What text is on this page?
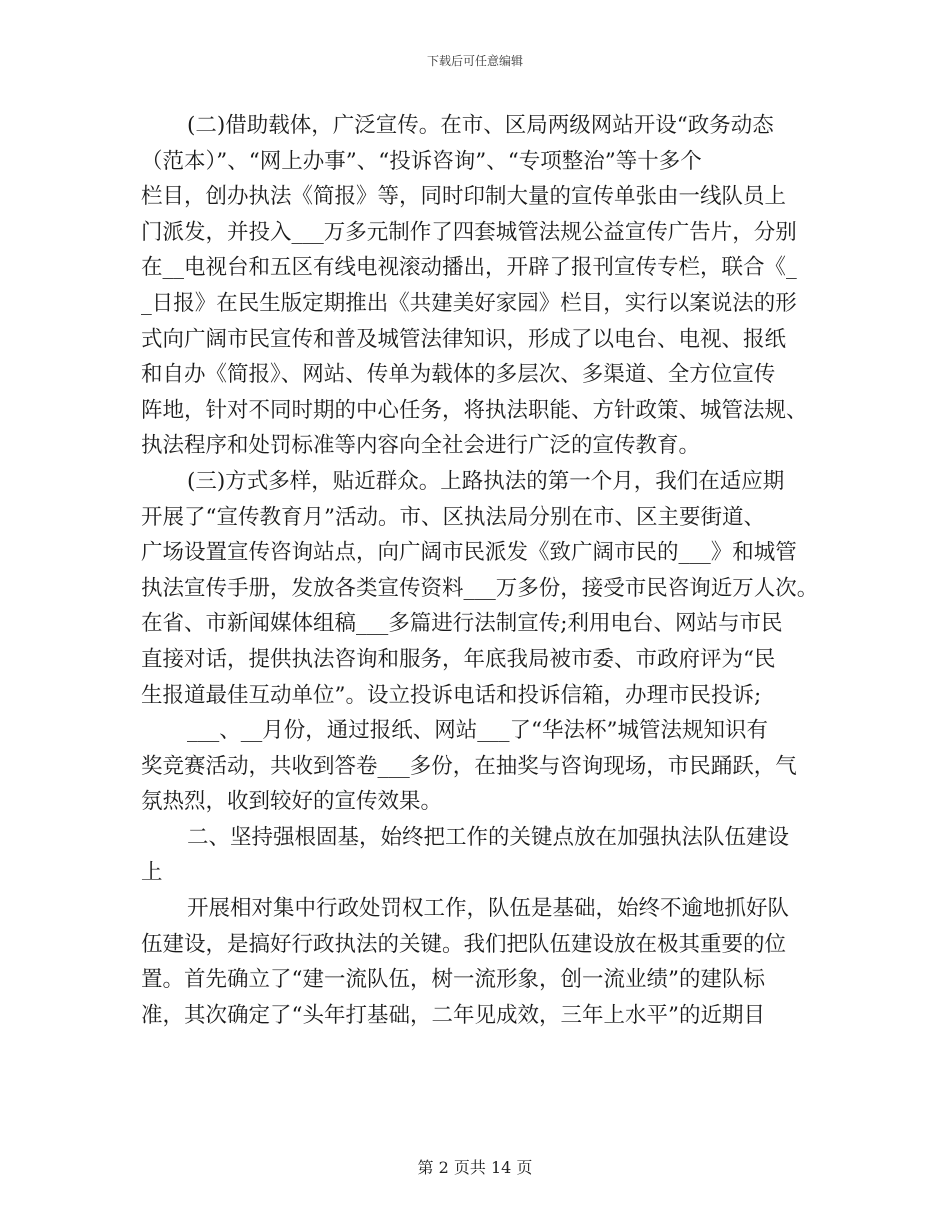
下载后可任意编辑
(二)借助载体，广泛宣传。在市、区局两级网站开设“政务动态
（范本）”、“网上办事”、“投诉咨询”、“专项整治”等十多个
栏目，创办执法《简报》等，同时印制大量的宣传单张由一线队员上
门派发，并投入___万多元制作了四套城管法规公益宣传广告片，分别
在__电视台和五区有线电视滚动播出，开辟了报刊宣传专栏，联合《_
_日报》在民生版定期推出《共建美好家园》栏目，实行以案说法的形
式向广阔市民宣传和普及城管法律知识，形成了以电台、电视、报纸
和自办《简报》、网站、传单为载体的多层次、多渠道、全方位宣传
阵地，针对不同时期的中心任务，将执法职能、方针政策、城管法规、
执法程序和处罚标准等内容向全社会进行广泛的宣传教育。
(三)方式多样，贴近群众。上路执法的第一个月，我们在适应期
开展了“宣传教育月”活动。市、区执法局分别在市、区主要街道、
广场设置宣传咨询站点，向广阔市民派发《致广阔市民的___》和城管
执法宣传手册，发放各类宣传资料___万多份，接受市民咨询近万人次。
在省、市新闻媒体组稿___多篇进行法制宣传;利用电台、网站与市民
直接对话，提供执法咨询和服务，年底我局被市委、市政府评为“民
生报道最佳互动单位”。设立投诉电话和投诉信箱，办理市民投诉;
___、__月份，通过报纸、网站___了“华法杯”城管法规知识有
奖竞赛活动，共收到答卷___多份，在抽奖与咨询现场，市民踊跃，气
氛热烈，收到较好的宣传效果。
二、坚持强根固基，始终把工作的关键点放在加强执法队伍建设
上
开展相对集中行政处罚权工作，队伍是基础，始终不逾地抓好队
伍建设，是搞好行政执法的关键。我们把队伍建设放在极其重要的位
置。首先确立了“建一流队伍，树一流形象，创一流业绩”的建队标
准，其次确定了“头年打基础，二年见成效，三年上水平”的近期目
第 2 页共 14 页
